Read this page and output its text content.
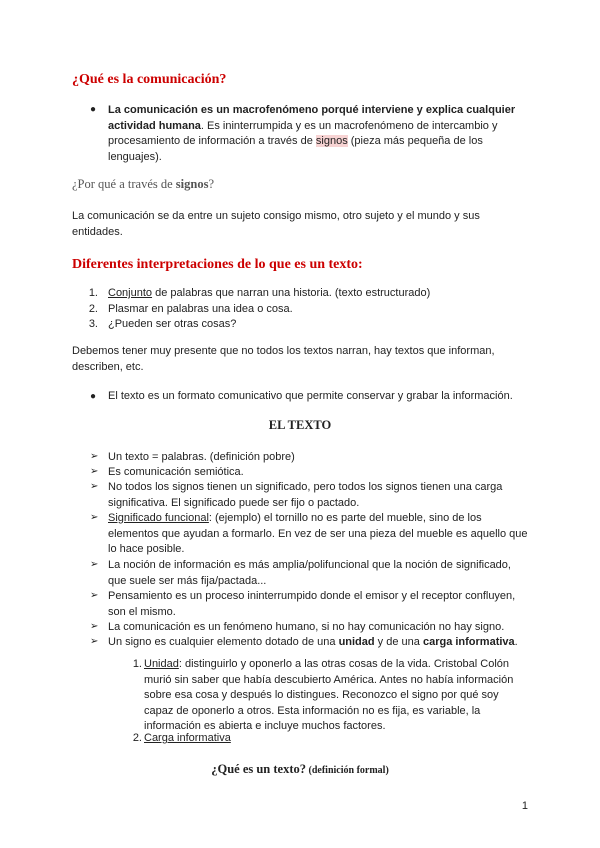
¿Qué es la comunicación?
● La comunicación es un macrofenómeno porqué interviene y explica cualquier actividad humana. Es ininterrumpida y es un macrofenómeno de intercambio y procesamiento de información a través de signos (pieza más pequeña de los lenguajes).
¿Por qué a través de signos?
La comunicación se da entre un sujeto consigo mismo, otro sujeto y el mundo y sus entidades.
Diferentes interpretaciones de lo que es un texto:
1. Conjunto de palabras que narran una historia. (texto estructurado)
2. Plasmar en palabras una idea o cosa.
3. ¿Pueden ser otras cosas?
Debemos tener muy presente que no todos los textos narran, hay textos que informan, describen, etc.
● El texto es un formato comunicativo que permite conservar y grabar la información.
EL TEXTO
➢ Un texto = palabras. (definición pobre)
➢ Es comunicación semiótica.
➢ No todos los signos tienen un significado, pero todos los signos tienen una carga significativa. El significado puede ser fijo o pactado.
➢ Significado funcional: (ejemplo) el tornillo no es parte del mueble, sino de los elementos que ayudan a formarlo. En vez de ser una pieza del mueble es aquello que lo hace posible.
➢ La noción de información es más amplia/polifuncional que la noción de significado, que suele ser más fija/pactada...
➢ Pensamiento es un proceso ininterrumpido donde el emisor y el receptor confluyen, son el mismo.
➢ La comunicación es un fenómeno humano, si no hay comunicación no hay signo.
➢ Un signo es cualquier elemento dotado de una unidad y de una carga informativa.
1. Unidad: distinguirlo y oponerlo a las otras cosas de la vida. Cristobal Colón murió sin saber que había descubierto América. Antes no había información sobre esa cosa y después lo distingues. Reconozco el signo por qué soy capaz de oponerlo a otros. Esta información no es fija, es variable, la información es abierta e incluye muchos factores.
2. Carga informativa
¿Qué es un texto? (definición formal)
1
